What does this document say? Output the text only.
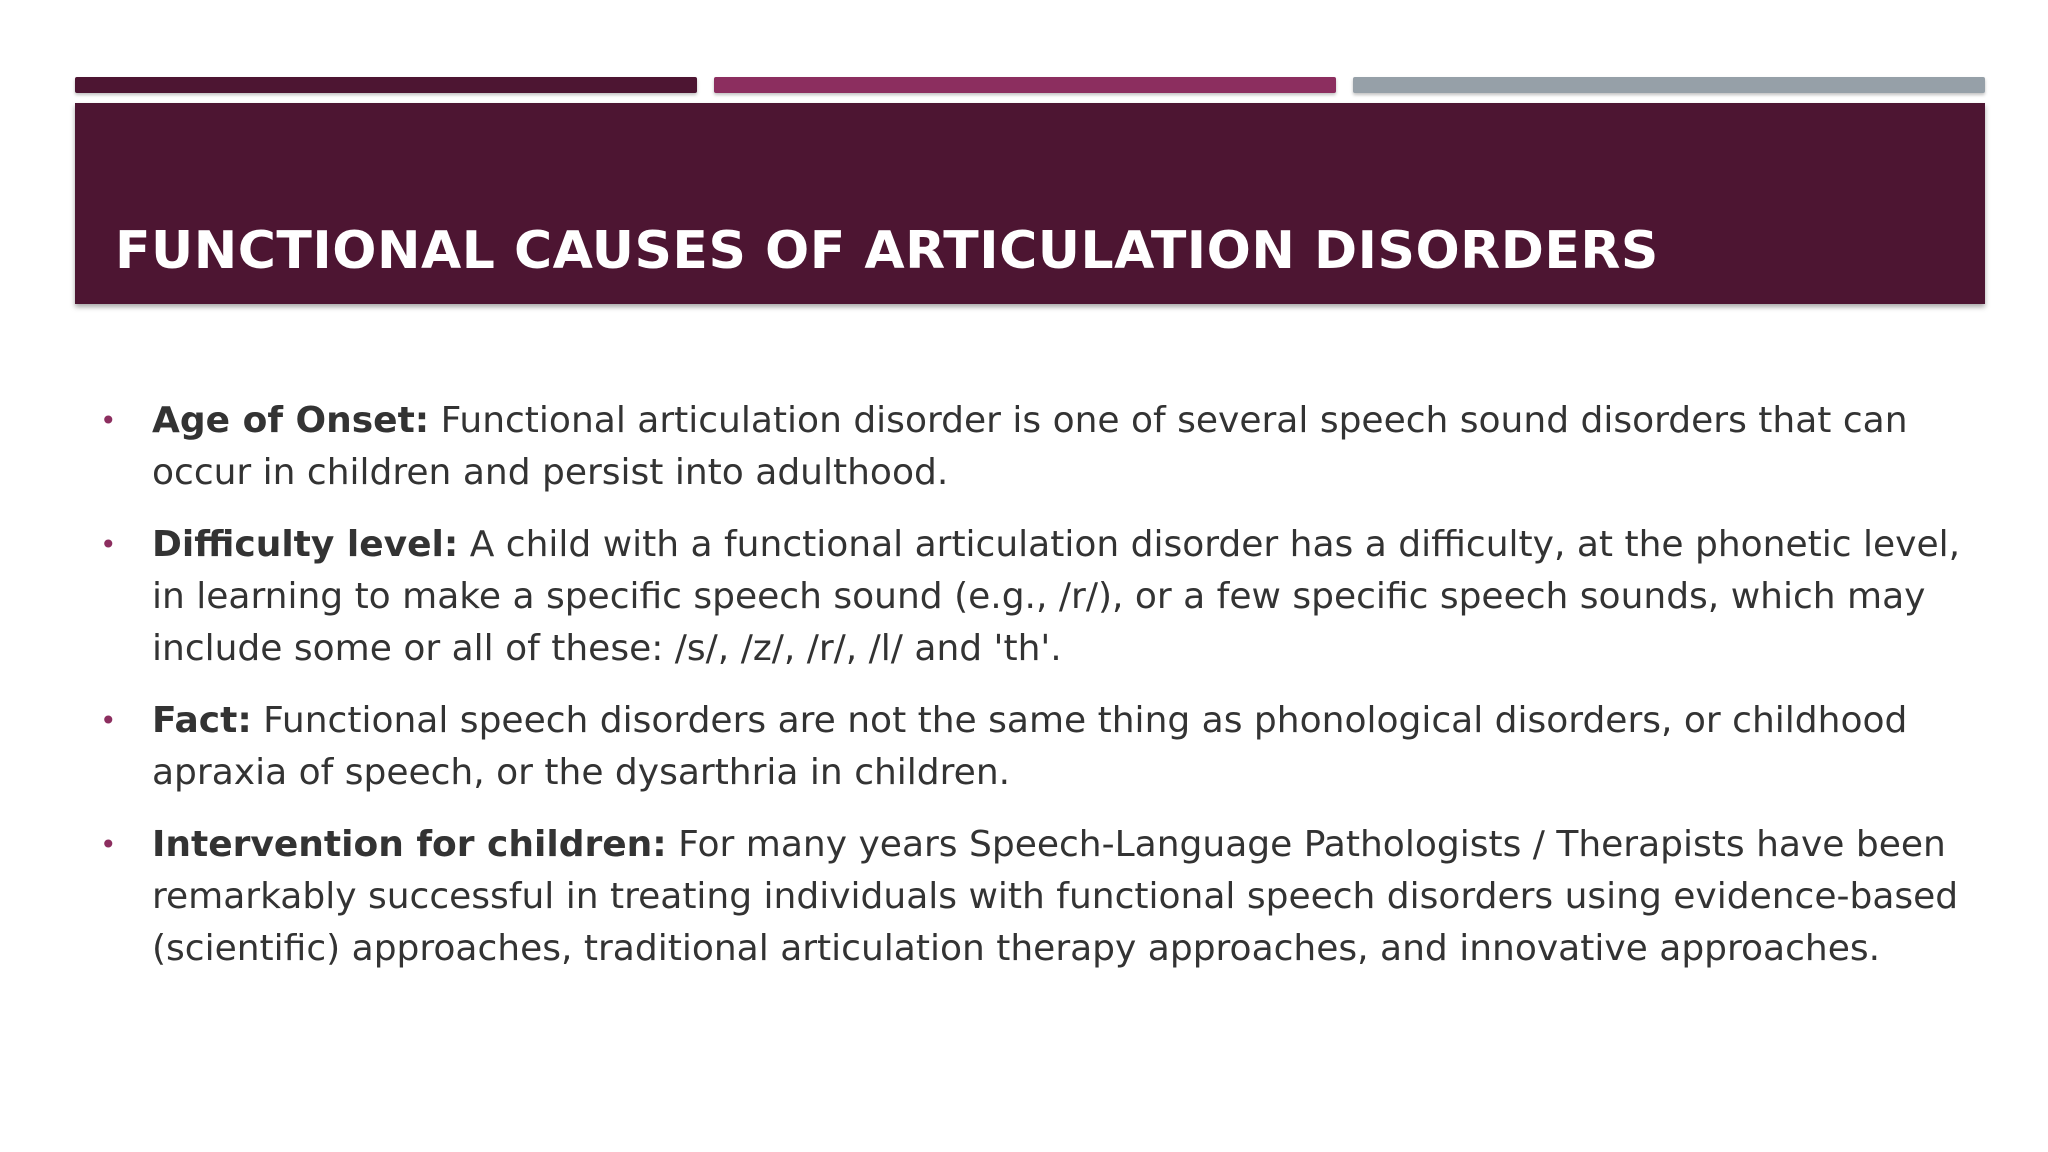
FUNCTIONAL CAUSES OF ARTICULATION DISORDERS
• Age of Onset: Functional articulation disorder is one of several speech sound disorders that can occur in children and persist into adulthood.
• Difficulty level: A child with a functional articulation disorder has a difficulty, at the phonetic level, in learning to make a specific speech sound (e.g., /r/), or a few specific speech sounds, which may include some or all of these: /s/, /z/, /r/, /l/ and 'th'.
• Fact: Functional speech disorders are not the same thing as phonological disorders, or childhood apraxia of speech, or the dysarthria in children.
• Intervention for children: For many years Speech-Language Pathologists / Therapists have been remarkably successful in treating individuals with functional speech disorders using evidence-based (scientific) approaches, traditional articulation therapy approaches, and innovative approaches.
